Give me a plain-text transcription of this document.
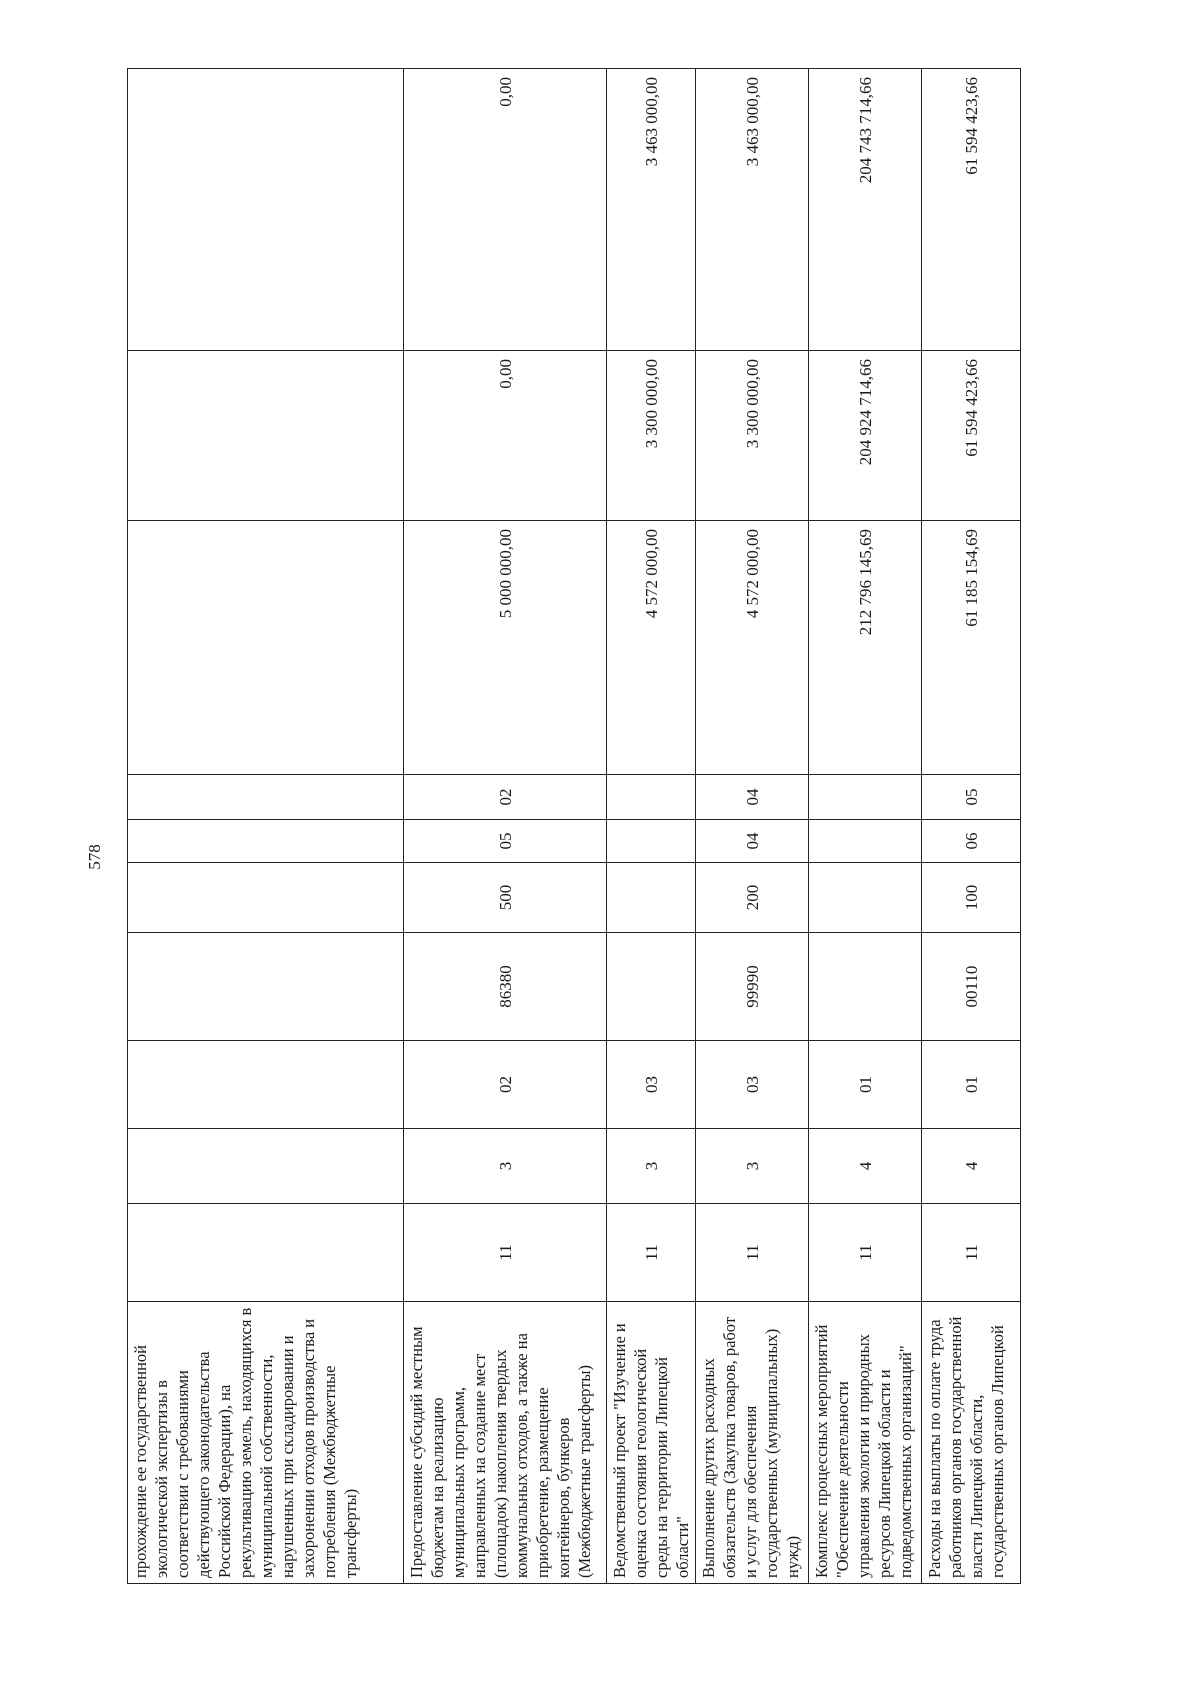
578
прохождение ее государственной экологической экспертизы в соответствии с требованиями действующего законодательства Российской Федерации), на рекультивацию земель, находящихся в муниципальной собственности, нарушенных при складировании и захоронении отходов производства и потребления (Межбюджетные трансферты)										
Предоставление субсидий местным бюджетам на реализацию муниципальных программ, направленных на создание мест (площадок) накопления твердых коммунальных отходов, а также на приобретение, размещение контейнеров, бункеров (Межбюджетные трансферты)	11	3	02	86380	500	05	02	5 000 000,00	0,00	0,00
Ведомственный проект "Изучение и оценка состояния геологической среды на территории Липецкой области"	11	3	03					4 572 000,00	3 300 000,00	3 463 000,00
Выполнение других расходных обязательств (Закупка товаров, работ и услуг для обеспечения государственных (муниципальных) нужд)	11	3	03	99990	200	04	04	4 572 000,00	3 300 000,00	3 463 000,00
Комплекс процессных мероприятий "Обеспечение деятельности управления экологии и природных ресурсов Липецкой области и подведомственных организаций"	11	4	01					212 796 145,69	204 924 714,66	204 743 714,66
Расходы на выплаты по оплате труда работников органов государственной власти Липецкой области, государственных органов Липецкой	11	4	01	00110	100	06	05	61 185 154,69	61 594 423,66	61 594 423,66
